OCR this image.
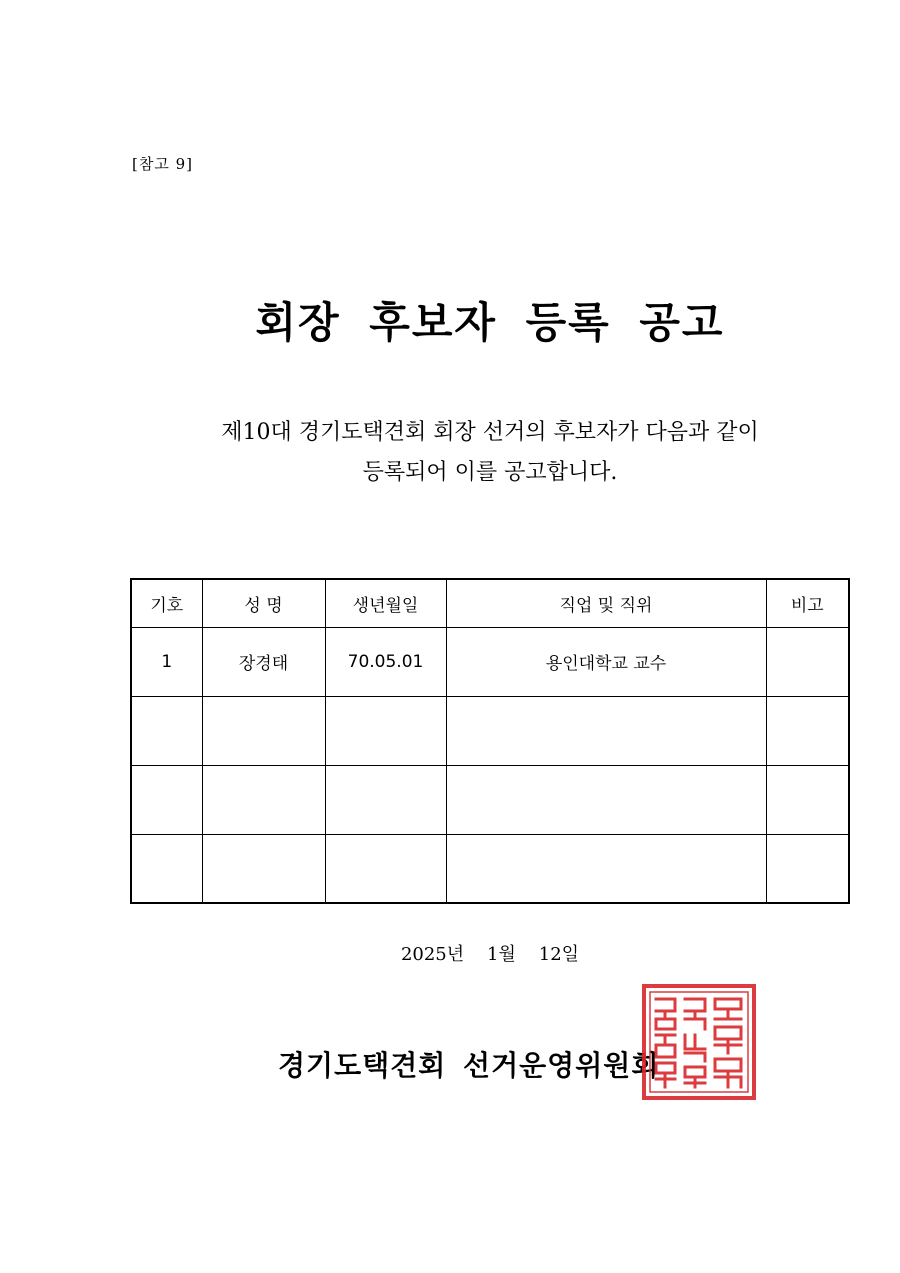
[참고 9]
회장 후보자 등록 공고

제10대 경기도택견회 회장 선거의 후보자가 다음과 같이

등록되어 이를 공고합니다.

기호	성 명	생년월일	직업 및 직위	비고
1	장경태	70.05.01	용인대학교 교수	

2025년    1월    12일
경기도택견회 선거운영위원회
